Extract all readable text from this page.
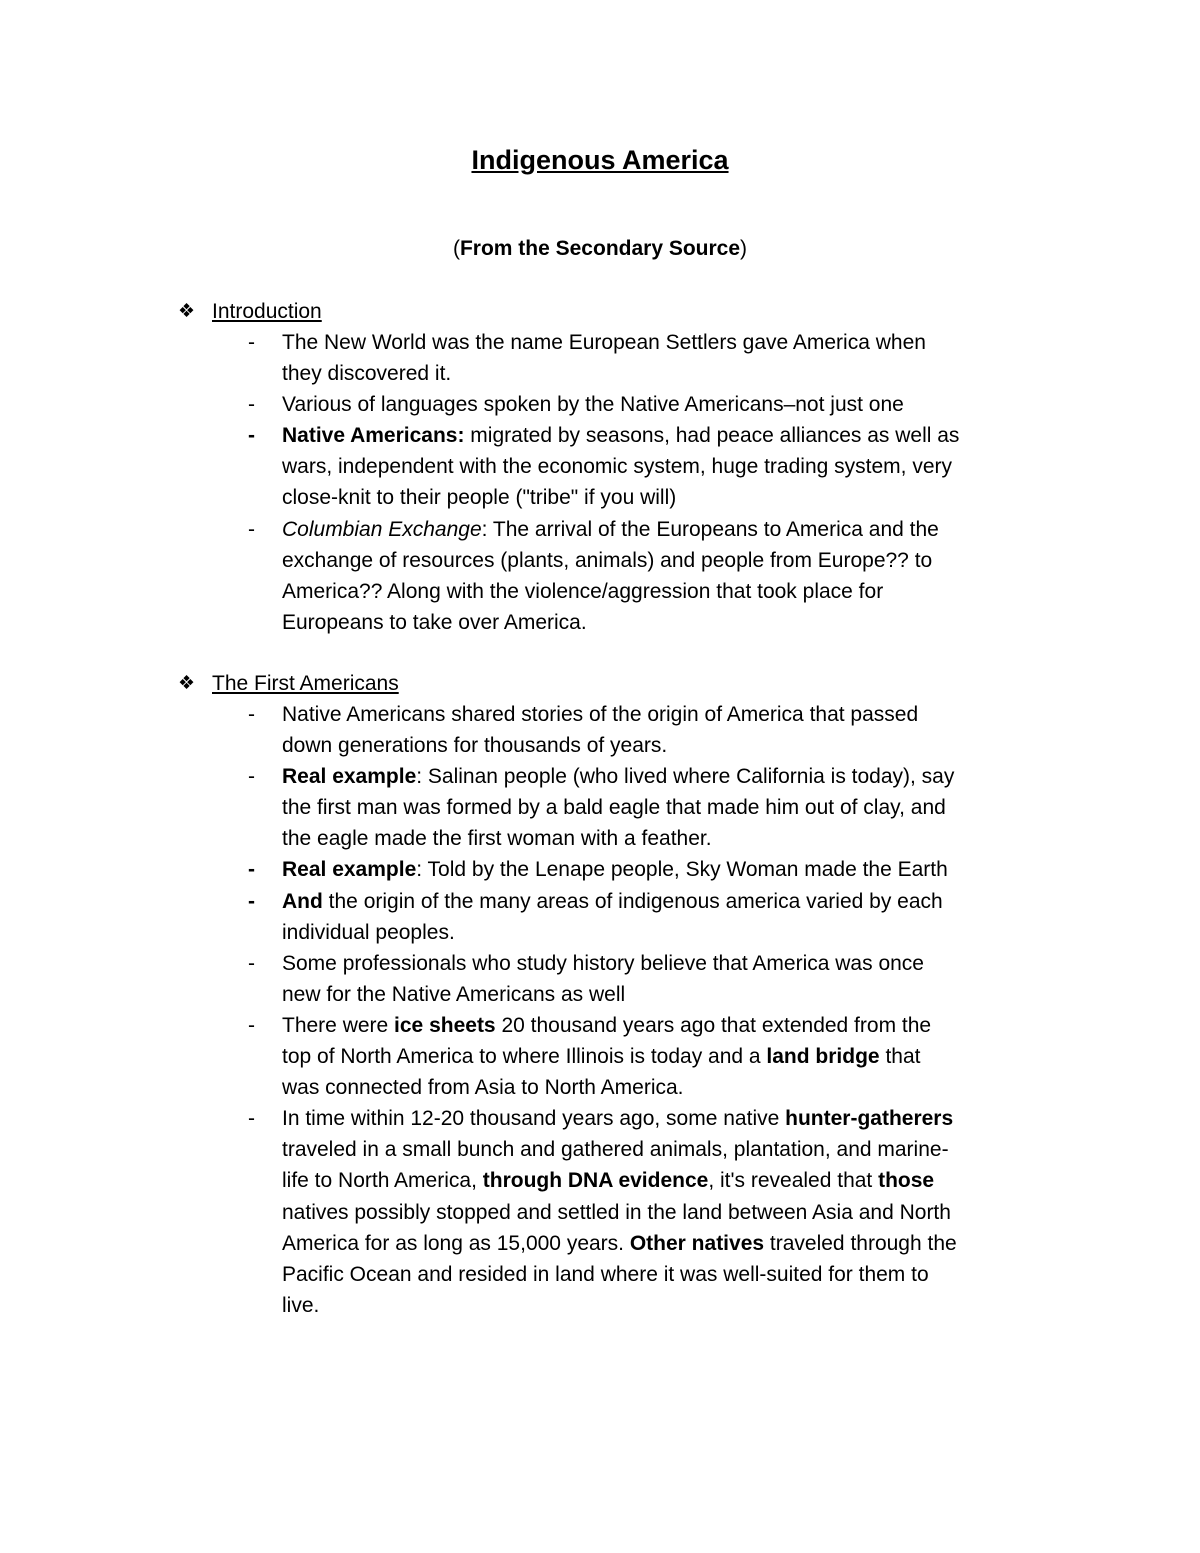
Indigenous America

(From the Secondary Source)

❖ Introduction
-	The New World was the name European Settlers gave America when they discovered it.
-	Various of languages spoken by the Native Americans–not just one
-	Native Americans: migrated by seasons, had peace alliances as well as wars, independent with the economic system, huge trading system, very close-knit to their people ("tribe" if you will)
-	Columbian Exchange: The arrival of the Europeans to America and the exchange of resources (plants, animals) and people from Europe?? to America?? Along with the violence/aggression that took place for Europeans to take over America.
❖ The First Americans
-	Native Americans shared stories of the origin of America that passed down generations for thousands of years.
-	Real example: Salinan people (who lived where California is today), say the first man was formed by a bald eagle that made him out of clay, and the eagle made the first woman with a feather.
-	Real example: Told by the Lenape people, Sky Woman made the Earth
-	And the origin of the many areas of indigenous america varied by each individual peoples.
-	Some professionals who study history believe that America was once new for the Native Americans as well
-	There were ice sheets 20 thousand years ago that extended from the top of North America to where Illinois is today and a land bridge that was connected from Asia to North America.
-	In time within 12-20 thousand years ago, some native hunter-gatherers traveled in a small bunch and gathered animals, plantation, and marine-life to North America, through DNA evidence, it's revealed that those natives possibly stopped and settled in the land between Asia and North America for as long as 15,000 years. Other natives traveled through the Pacific Ocean and resided in land where it was well-suited for them to live.
